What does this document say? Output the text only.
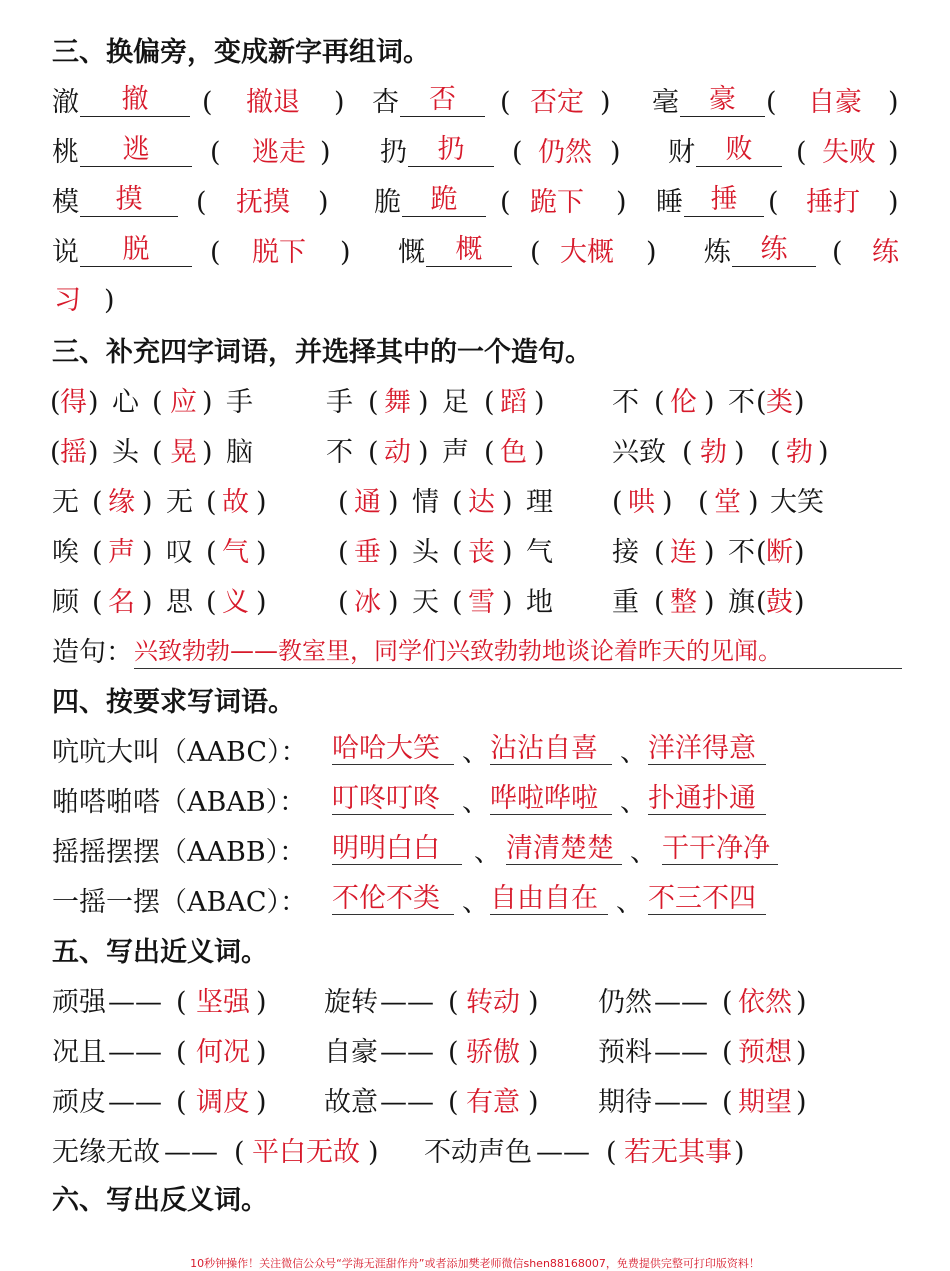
三、换偏旁，变成新字再组词。
澈	撤	( 撤退 ) 杏	否	( 否定 ) 毫	豪	( 自豪 )
桃	逃	( 逃走 ) 扔	扔	( 仍然 ) 财	败	( 失败 )
模	摸	( 抚摸 ) 脆	跪	( 跪下 ) 睡	捶	( 捶打 )
说	脱	( 脱下 ) 慨	概	( 大概 ) 炼	练	( 练
习 )
三、补充四字词语，并选择其中的一个造句。
( 得 ) 心 ( 应 ) 手	手 ( 舞 ) 足 ( 蹈 ) 不 ( 伦 ) 不 ( 类 )
( 摇 ) 头 ( 晃 ) 脑	不 ( 动 ) 声 ( 色 ) 兴致 ( 勃 ) ( 勃 )
无 ( 缘 ) 无 ( 故 )	( 通 ) 情 ( 达 ) 理 ( 哄 ) ( 堂 ) 大笑
唉 ( 声 ) 叹 ( 气 )	( 垂 ) 头 ( 丧 ) 气 接 ( 连 ) 不 ( 断 )
顾 ( 名 ) 思 ( 义 )	( 冰 ) 天 ( 雪 ) 地 重 ( 整 ) 旗 ( 鼓 )
造句： 兴致勃勃——教室里，同学们兴致勃勃地谈论着昨天的见闻。
四、按要求写词语。
吭吭大叫（AABC）： 哈哈大笑 、 沾沾自喜 、 洋洋得意
啪嗒啪嗒（ABAB）： 叮咚叮咚 、 哗啦哗啦 、 扑通扑通
摇摇摆摆（AABB）： 明明白白	、 清清楚楚 、 干干净净
一摇一摆（ABAC）： 不伦不类 、 自由自在 、 不三不四
五、写出近义词。
顽强 —— ( 坚强 ) 旋转 —— ( 转动 ) 仍然 —— ( 依然 )
况且 —— ( 何况 ) 自豪 —— ( 骄傲 ) 预料 —— ( 预想 )
顽皮 —— ( 调皮 ) 故意 —— ( 有意 ) 期待 —— ( 期望 )
无缘无故 —— ( 平白无故 ) 不动声色 —— ( 若无其事 )
六、写出反义词。
10秒钟操作！关注微信公众号“学海无涯甜作舟”或者添加樊老师微信shen88168007，免费提供完整可打印版资料！
